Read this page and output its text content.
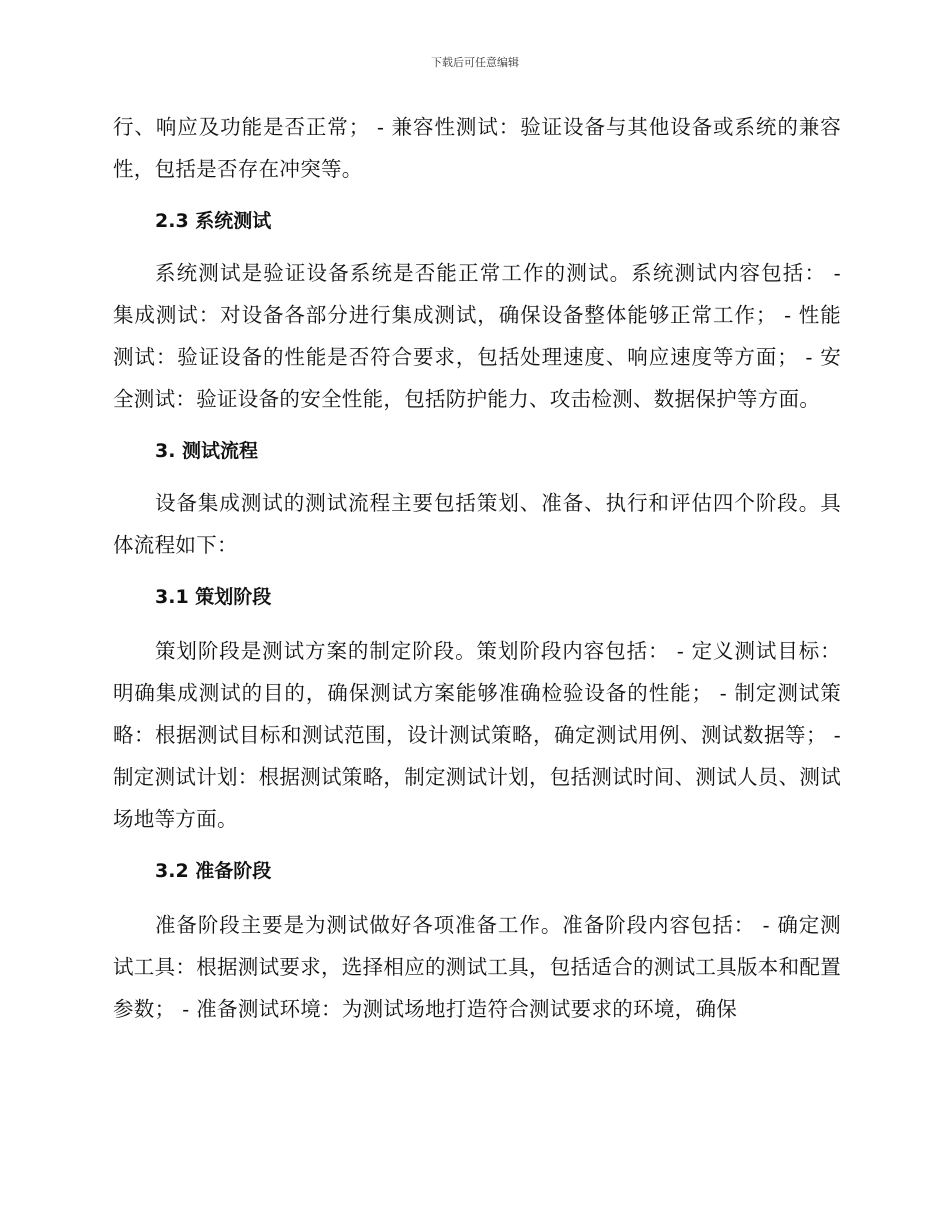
下载后可任意编辑

行、响应及功能是否正常； - 兼容性测试：验证设备与其他设备或系统的兼容性，包括是否存在冲突等。

2.3 系统测试

系统测试是验证设备系统是否能正常工作的测试。系统测试内容包括： - 集成测试：对设备各部分进行集成测试，确保设备整体能够正常工作； - 性能测试：验证设备的性能是否符合要求，包括处理速度、响应速度等方面； - 安全测试：验证设备的安全性能，包括防护能力、攻击检测、数据保护等方面。

3. 测试流程

设备集成测试的测试流程主要包括策划、准备、执行和评估四个阶段。具体流程如下：

3.1 策划阶段

策划阶段是测试方案的制定阶段。策划阶段内容包括： - 定义测试目标：明确集成测试的目的，确保测试方案能够准确检验设备的性能； - 制定测试策略：根据测试目标和测试范围，设计测试策略，确定测试用例、测试数据等； - 制定测试计划：根据测试策略，制定测试计划，包括测试时间、测试人员、测试场地等方面。

3.2 准备阶段

准备阶段主要是为测试做好各项准备工作。准备阶段内容包括： - 确定测试工具：根据测试要求，选择相应的测试工具，包括适合的测试工具版本和配置参数； - 准备测试环境：为测试场地打造符合测试要求的环境，确保
